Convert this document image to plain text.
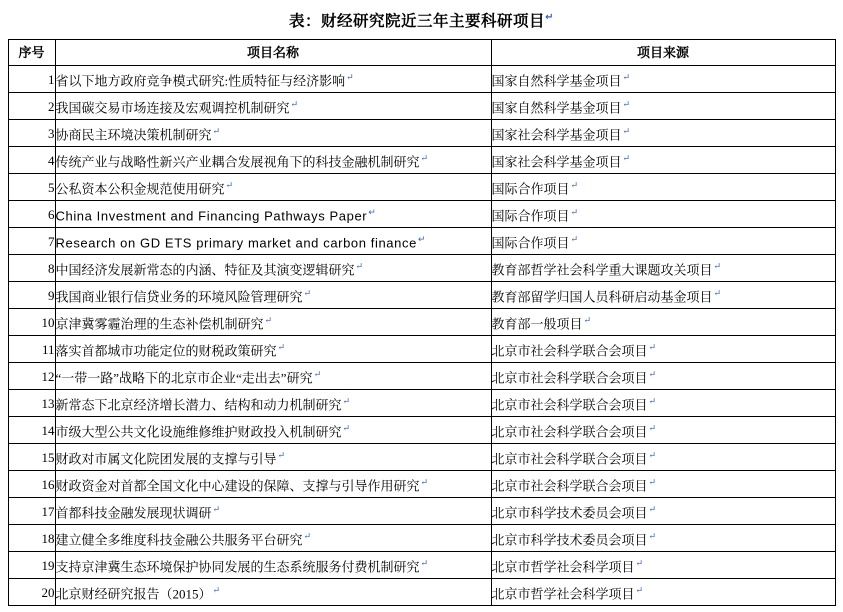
表：财经研究院近三年主要科研项目↵
序号	项目名称	项目来源
1	省以下地方政府竞争模式研究:性质特征与经济影响↵	国家自然科学基金项目↵
2	我国碳交易市场连接及宏观调控机制研究↵	国家自然科学基金项目↵
3	协商民主环境决策机制研究↵	国家社会科学基金项目↵
4	传统产业与战略性新兴产业耦合发展视角下的科技金融机制研究↵	国家社会科学基金项目↵
5	公私资本公积金规范使用研究↵	国际合作项目↵
6	China Investment and Financing Pathways Paper↵	国际合作项目↵
7	Research on GD ETS primary market and carbon finance↵	国际合作项目↵
8	中国经济发展新常态的内涵、特征及其演变逻辑研究↵	教育部哲学社会科学重大课题攻关项目↵
9	我国商业银行信贷业务的环境风险管理研究↵	教育部留学归国人员科研启动基金项目↵
10	京津冀雾霾治理的生态补偿机制研究↵	教育部一般项目↵
11	落实首都城市功能定位的财税政策研究↵	北京市社会科学联合会项目↵
12	“一带一路”战略下的北京市企业“走出去”研究↵	北京市社会科学联合会项目↵
13	新常态下北京经济增长潜力、结构和动力机制研究↵	北京市社会科学联合会项目↵
14	市级大型公共文化设施维修维护财政投入机制研究↵	北京市社会科学联合会项目↵
15	财政对市属文化院团发展的支撑与引导↵	北京市社会科学联合会项目↵
16	财政资金对首都全国文化中心建设的保障、支撑与引导作用研究↵	北京市社会科学联合会项目↵
17	首都科技金融发展现状调研↵	北京市科学技术委员会项目↵
18	建立健全多维度科技金融公共服务平台研究↵	北京市科学技术委员会项目↵
19	支持京津冀生态环境保护协同发展的生态系统服务付费机制研究↵	北京市哲学社会科学项目↵
20	北京财经研究报告（2015）↵	北京市哲学社会科学项目↵
